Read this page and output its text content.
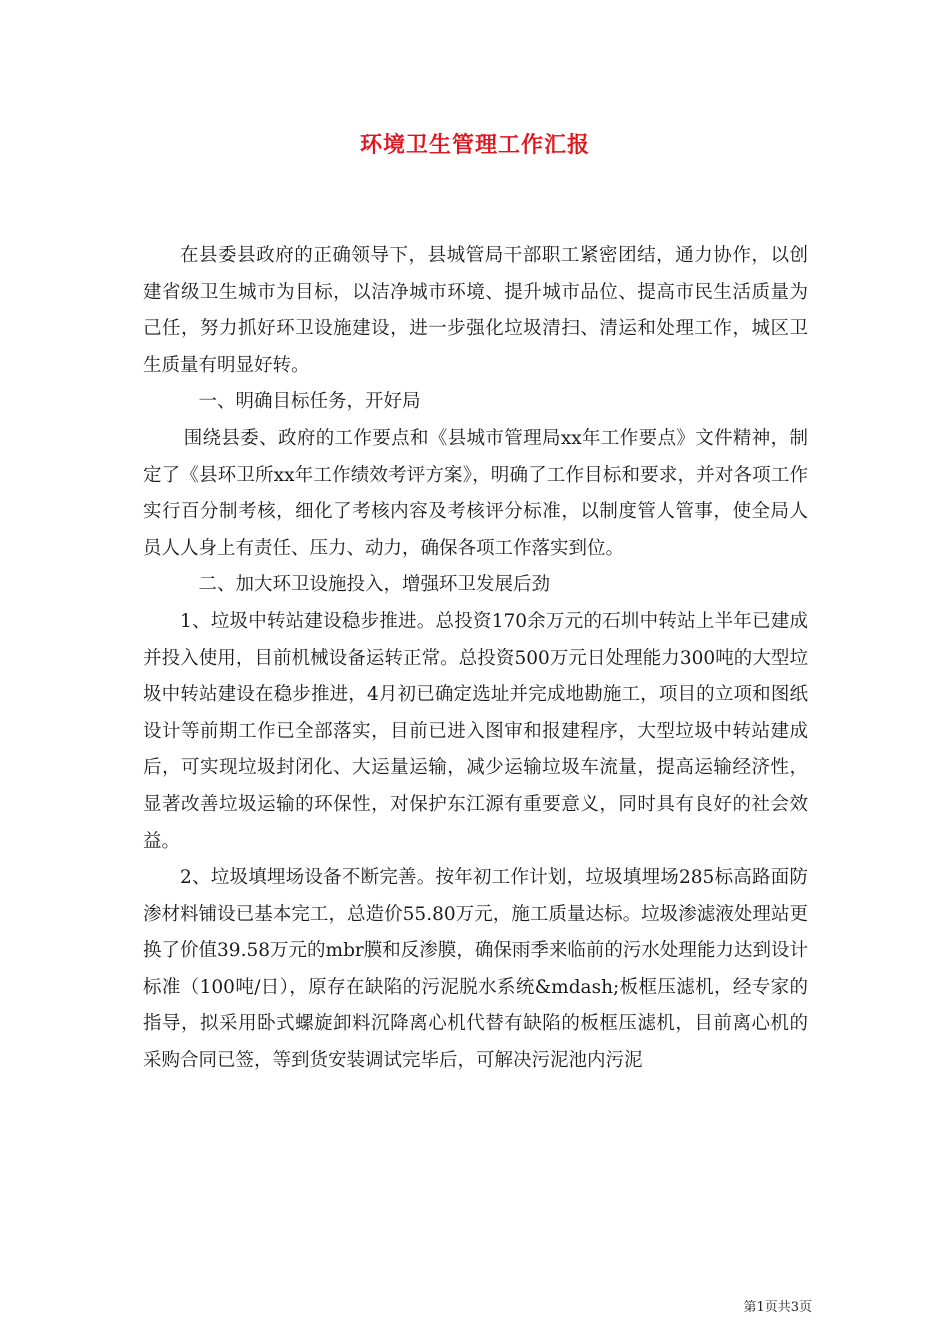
环境卫生管理工作汇报

在县委县政府的正确领导下，县城管局干部职工紧密团结，通力协作，以创建省级卫生城市为目标，以洁净城市环境、提升城市品位、提高市民生活质量为己任，努力抓好环卫设施建设，进一步强化垃圾清扫、清运和处理工作，城区卫生质量有明显好转。

一、明确目标任务，开好局

围绕县委、政府的工作要点和《县城市管理局xx年工作要点》文件精神，制定了《县环卫所xx年工作绩效考评方案》，明确了工作目标和要求，并对各项工作实行百分制考核，细化了考核内容及考核评分标准，以制度管人管事，使全局人员人人身上有责任、压力、动力，确保各项工作落实到位。

二、加大环卫设施投入，增强环卫发展后劲

1、垃圾中转站建设稳步推进。总投资170余万元的石圳中转站上半年已建成并投入使用，目前机械设备运转正常。总投资500万元日处理能力300吨的大型垃圾中转站建设在稳步推进，4月初已确定选址并完成地勘施工，项目的立项和图纸设计等前期工作已全部落实，目前已进入图审和报建程序，大型垃圾中转站建成后，可实现垃圾封闭化、大运量运输，减少运输垃圾车流量，提高运输经济性，显著改善垃圾运输的环保性，对保护东江源有重要意义，同时具有良好的社会效益。

2、垃圾填埋场设备不断完善。按年初工作计划，垃圾填埋场285标高路面防渗材料铺设已基本完工，总造价55.80万元，施工质量达标。垃圾渗滤液处理站更换了价值39.58万元的mbr膜和反渗膜，确保雨季来临前的污水处理能力达到设计标准（100吨/日），原存在缺陷的污泥脱水系统&mdash;板框压滤机，经专家的指导，拟采用卧式螺旋卸料沉降离心机代替有缺陷的板框压滤机，目前离心机的采购合同已签，等到货安装调试完毕后，可解决污泥池内污泥

第1页共3页
